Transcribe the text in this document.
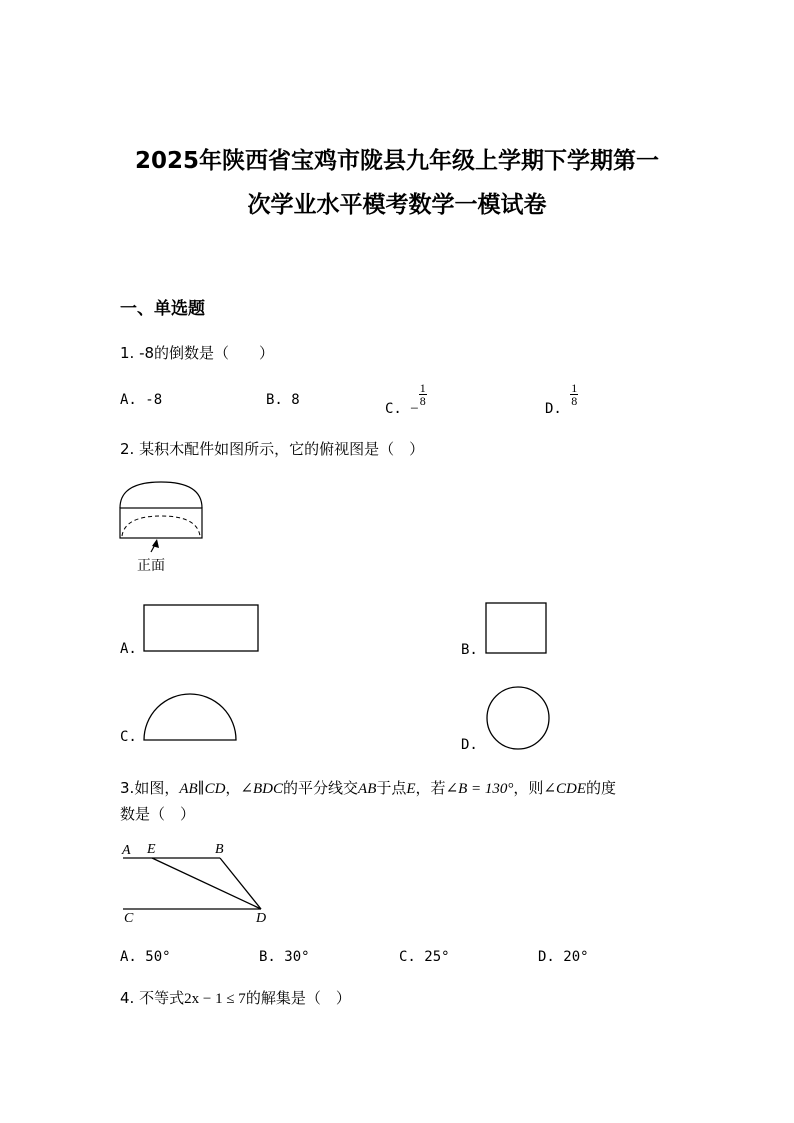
2025年陕西省宝鸡市陇县九年级上学期下学期第一
次学业水平模考数学一模试卷
一、单选题
1. -8的倒数是（　　）
A. -8	B. 8
C. −
$\frac{1}{8}$
D.
$\frac{1}{8}$
2. 某积木配件如图所示，它的俯视图是（　）
正面
A.	B.
C.	D.
3.如图，AB∥CD，∠BDC的平分线交AB于点E，若∠B = 130°，则∠CDE的度
数是（　）
A E	B
C	D
A. 50°	B. 30°	C. 25°	D. 20°
4. 不等式2x − 1 ≤ 7的解集是（　）
